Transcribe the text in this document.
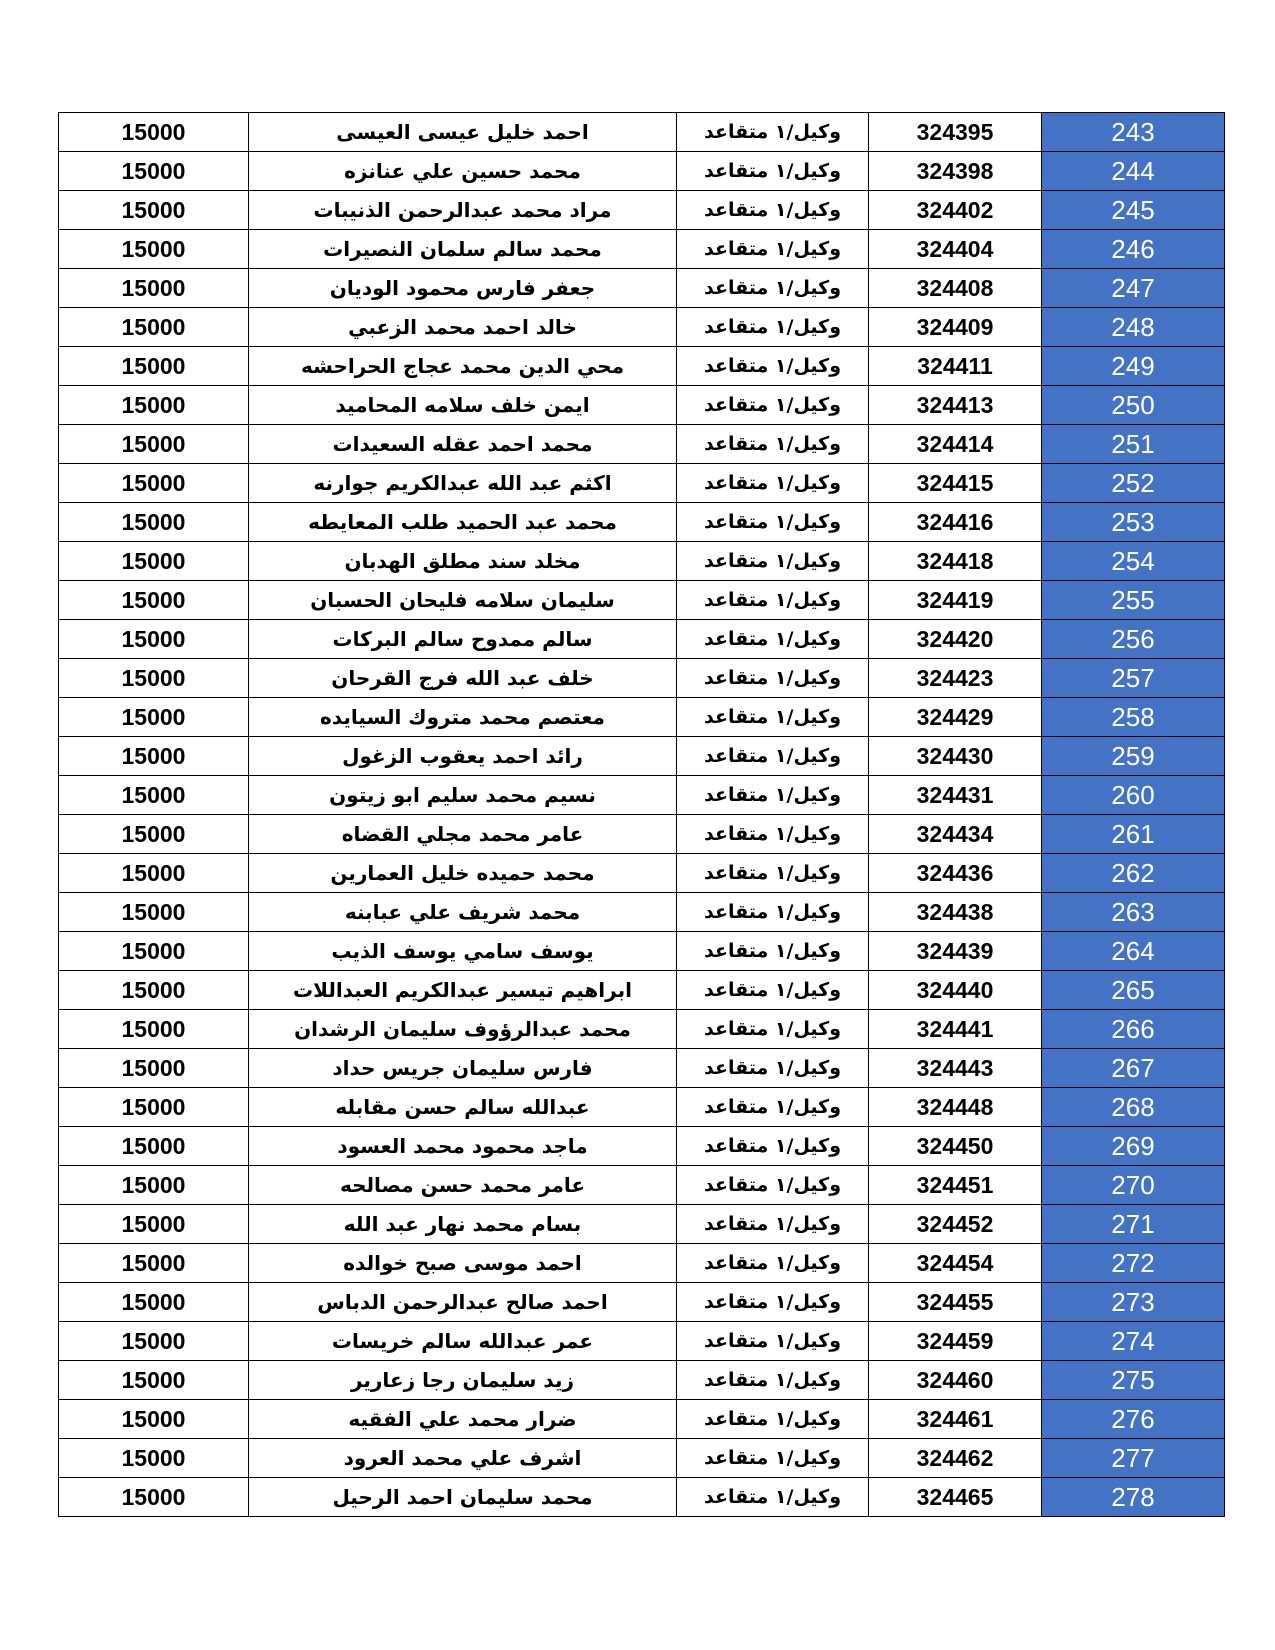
15000	احمد خليل عيسى العيسى	وكيل/١ متقاعد	324395	243
15000	محمد حسين علي عنانزه	وكيل/١ متقاعد	324398	244
15000	مراد محمد عبدالرحمن الذنيبات	وكيل/١ متقاعد	324402	245
15000	محمد سالم سلمان النصيرات	وكيل/١ متقاعد	324404	246
15000	جعفر فارس محمود الوديان	وكيل/١ متقاعد	324408	247
15000	خالد احمد محمد الزعبي	وكيل/١ متقاعد	324409	248
15000	محي الدين محمد عجاج الحراحشه	وكيل/١ متقاعد	324411	249
15000	ايمن خلف سلامه المحاميد	وكيل/١ متقاعد	324413	250
15000	محمد احمد عقله السعيدات	وكيل/١ متقاعد	324414	251
15000	اكثم عبد الله عبدالكريم جوارنه	وكيل/١ متقاعد	324415	252
15000	محمد عبد الحميد طلب المعايطه	وكيل/١ متقاعد	324416	253
15000	مخلد سند مطلق الهدبان	وكيل/١ متقاعد	324418	254
15000	سليمان سلامه فليحان الحسبان	وكيل/١ متقاعد	324419	255
15000	سالم ممدوح سالم البركات	وكيل/١ متقاعد	324420	256
15000	خلف عبد الله فرج القرحان	وكيل/١ متقاعد	324423	257
15000	معتصم محمد متروك السيايده	وكيل/١ متقاعد	324429	258
15000	رائد احمد يعقوب الزغول	وكيل/١ متقاعد	324430	259
15000	نسيم محمد سليم ابو زيتون	وكيل/١ متقاعد	324431	260
15000	عامر محمد مجلي القضاه	وكيل/١ متقاعد	324434	261
15000	محمد حميده خليل العمارين	وكيل/١ متقاعد	324436	262
15000	محمد شريف علي عبابنه	وكيل/١ متقاعد	324438	263
15000	يوسف سامي يوسف الذيب	وكيل/١ متقاعد	324439	264
15000	ابراهيم تيسير عبدالكريم العبداللات	وكيل/١ متقاعد	324440	265
15000	محمد عبدالرؤوف سليمان الرشدان	وكيل/١ متقاعد	324441	266
15000	فارس سليمان جريس حداد	وكيل/١ متقاعد	324443	267
15000	عبدالله سالم حسن مقابله	وكيل/١ متقاعد	324448	268
15000	ماجد محمود محمد العسود	وكيل/١ متقاعد	324450	269
15000	عامر محمد حسن مصالحه	وكيل/١ متقاعد	324451	270
15000	بسام محمد نهار عبد الله	وكيل/١ متقاعد	324452	271
15000	احمد موسى صبح خوالده	وكيل/١ متقاعد	324454	272
15000	احمد صالح عبدالرحمن الدباس	وكيل/١ متقاعد	324455	273
15000	عمر عبدالله سالم خريسات	وكيل/١ متقاعد	324459	274
15000	زيد سليمان رجا زعارير	وكيل/١ متقاعد	324460	275
15000	ضرار محمد علي الفقيه	وكيل/١ متقاعد	324461	276
15000	اشرف علي محمد العرود	وكيل/١ متقاعد	324462	277
15000	محمد سليمان احمد الرحيل	وكيل/١ متقاعد	324465	278
